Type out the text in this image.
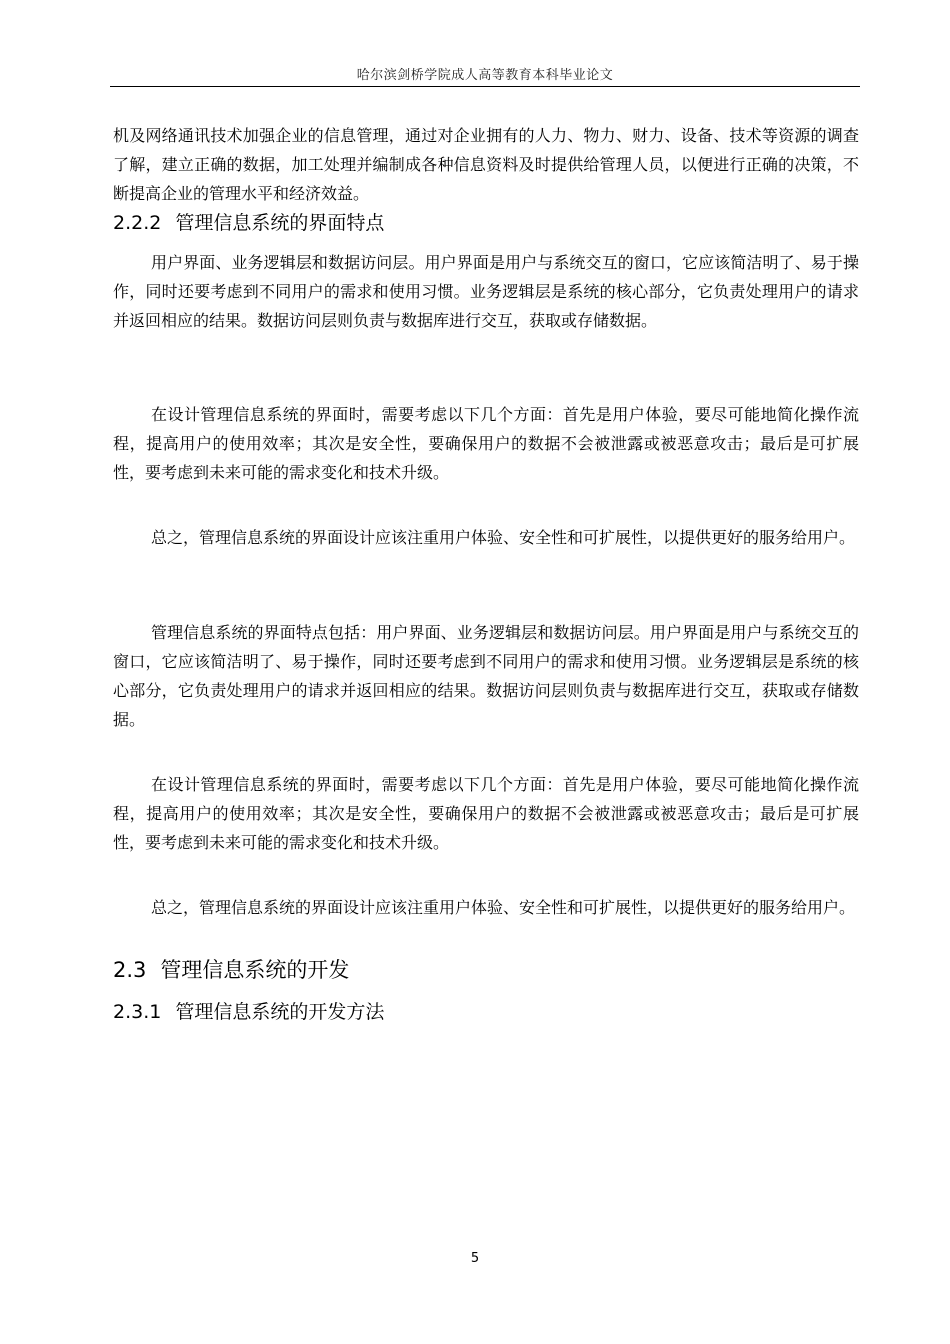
哈尔滨剑桥学院成人高等教育本科毕业论文

机及网络通讯技术加强企业的信息管理，通过对企业拥有的人力、物力、财力、设备、技术等资源的调查了解，建立正确的数据，加工处理并编制成各种信息资料及时提供给管理人员，以便进行正确的决策，不断提高企业的管理水平和经济效益。

2.2.2 管理信息系统的界面特点

用户界面、业务逻辑层和数据访问层。用户界面是用户与系统交互的窗口，它应该简洁明了、易于操作，同时还要考虑到不同用户的需求和使用习惯。业务逻辑层是系统的核心部分，它负责处理用户的请求并返回相应的结果。数据访问层则负责与数据库进行交互，获取或存储数据。

在设计管理信息系统的界面时，需要考虑以下几个方面：首先是用户体验，要尽可能地简化操作流程，提高用户的使用效率；其次是安全性，要确保用户的数据不会被泄露或被恶意攻击；最后是可扩展性，要考虑到未来可能的需求变化和技术升级。

总之，管理信息系统的界面设计应该注重用户体验、安全性和可扩展性，以提供更好的服务给用户。

管理信息系统的界面特点包括：用户界面、业务逻辑层和数据访问层。用户界面是用户与系统交互的窗口，它应该简洁明了、易于操作，同时还要考虑到不同用户的需求和使用习惯。业务逻辑层是系统的核心部分，它负责处理用户的请求并返回相应的结果。数据访问层则负责与数据库进行交互，获取或存储数据。

在设计管理信息系统的界面时，需要考虑以下几个方面：首先是用户体验，要尽可能地简化操作流程，提高用户的使用效率；其次是安全性，要确保用户的数据不会被泄露或被恶意攻击；最后是可扩展性，要考虑到未来可能的需求变化和技术升级。

总之，管理信息系统的界面设计应该注重用户体验、安全性和可扩展性，以提供更好的服务给用户。

2.3 管理信息系统的开发
2.3.1 管理信息系统的开发方法
5
